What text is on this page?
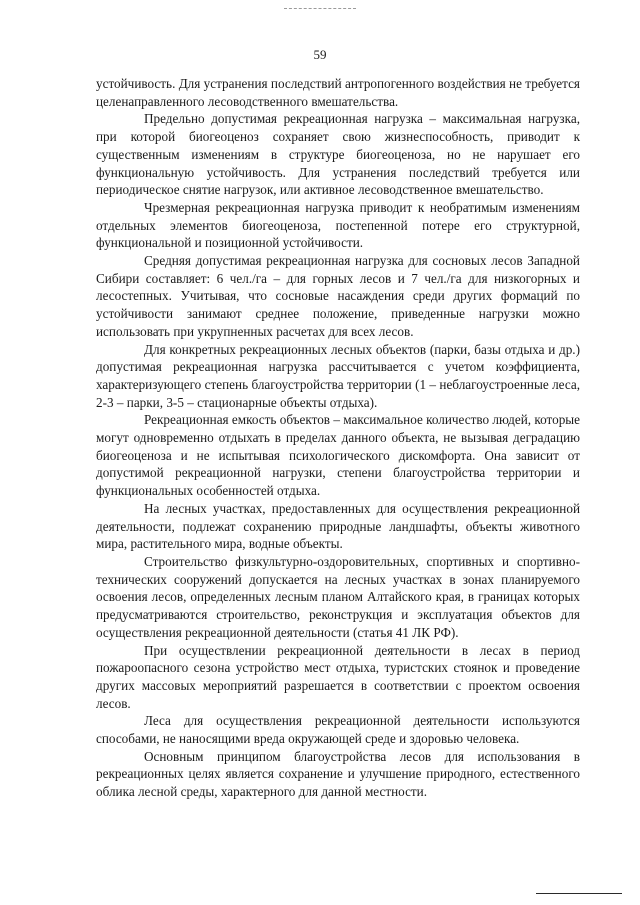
59

устойчивость. Для устранения последствий антропогенного воздействия не требуется целенаправленного лесоводственного вмешательства.

Предельно допустимая рекреационная нагрузка – максимальная нагрузка, при которой биогеоценоз сохраняет свою жизнеспособность, приводит к существенным изменениям в структуре биогеоценоза, но не нарушает его функциональную устойчивость. Для устранения последствий требуется или периодическое снятие нагрузок, или активное лесоводственное вмешательство.

Чрезмерная рекреационная нагрузка приводит к необратимым изменениям отдельных элементов биогеоценоза, постепенной потере его структурной, функциональной и позиционной устойчивости.

Средняя допустимая рекреационная нагрузка для сосновых лесов Западной Сибири составляет: 6 чел./га – для горных лесов и 7 чел./га для низкогорных и лесостепных. Учитывая, что сосновые насаждения среди других формаций по устойчивости занимают среднее положение, приведенные нагрузки можно использовать при укрупненных расчетах для всех лесов.

Для конкретных рекреационных лесных объектов (парки, базы отдыха и др.) допустимая рекреационная нагрузка рассчитывается с учетом коэффициента, характеризующего степень благоустройства территории (1 – неблагоустроенные леса, 2-3 – парки, 3-5 – стационарные объекты отдыха).

Рекреационная емкость объектов – максимальное количество людей, которые могут одновременно отдыхать в пределах данного объекта, не вызывая деградацию биогеоценоза и не испытывая психологического дискомфорта. Она зависит от допустимой рекреационной нагрузки, степени благоустройства территории и функциональных особенностей отдыха.

На лесных участках, предоставленных для осуществления рекреационной деятельности, подлежат сохранению природные ландшафты, объекты животного мира, растительного мира, водные объекты.

Строительство физкультурно-оздоровительных, спортивных и спортивно-технических сооружений допускается на лесных участках в зонах планируемого освоения лесов, определенных лесным планом Алтайского края, в границах которых предусматриваются строительство, реконструкция и эксплуатация объектов для осуществления рекреационной деятельности (статья 41 ЛК РФ).

При осуществлении рекреационной деятельности в лесах в период пожароопасного сезона устройство мест отдыха, туристских стоянок и проведение других массовых мероприятий разрешается в соответствии с проектом освоения лесов.

Леса для осуществления рекреационной деятельности используются способами, не наносящими вреда окружающей среде и здоровью человека.

Основным принципом благоустройства лесов для использования в рекреационных целях является сохранение и улучшение природного, естественного облика лесной среды, характерного для данной местности.
